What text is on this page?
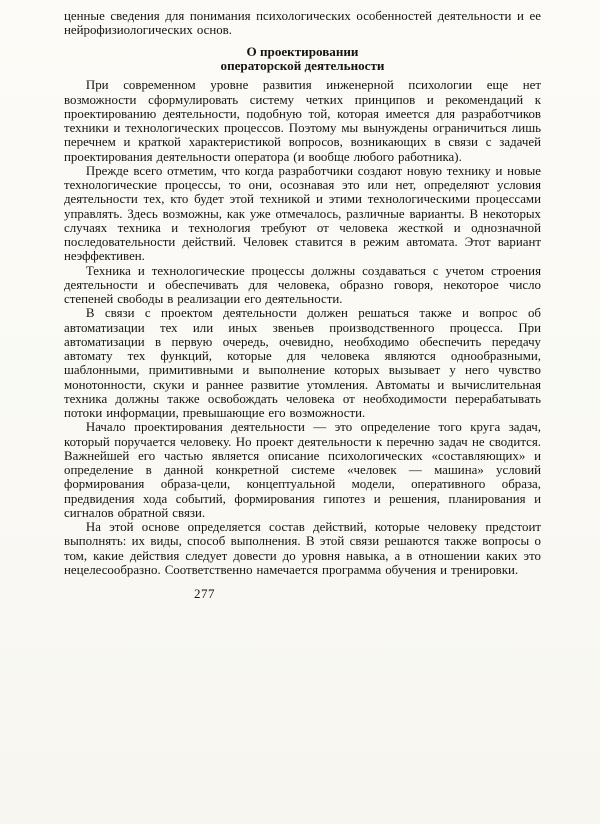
ценные сведения для понимания психологических особенностей деятельности и ее нейрофизиологических основ.

О проектировании
операторской деятельности

При современном уровне развития инженерной психологии еще нет возможности сформулировать систему четких принципов и рекомендаций к проектированию деятельности, подобную той, которая имеется для разработчиков техники и технологических процессов. Поэтому мы вынуждены ограничиться лишь перечнем и краткой характеристикой вопросов, возникающих в связи с задачей проектирования деятельности оператора (и вообще любого работника).

Прежде всего отметим, что когда разработчики создают новую технику и новые технологические процессы, то они, осознавая это или нет, определяют условия деятельности тех, кто будет этой техникой и этими технологическими процессами управлять. Здесь возможны, как уже отмечалось, различные варианты. В некоторых случаях техника и технология требуют от человека жесткой и однозначной последовательности действий. Человек ставится в режим автомата. Этот вариант неэффективен.

Техника и технологические процессы должны создаваться с учетом строения деятельности и обеспечивать для человека, образно говоря, некоторое число степеней свободы в реализации его деятельности.

В связи с проектом деятельности должен решаться также и вопрос об автоматизации тех или иных звеньев производственного процесса. При автоматизации в первую очередь, очевидно, необходимо обеспечить передачу автомату тех функций, которые для человека являются однообразными, шаблонными, примитивными и выполнение которых вызывает у него чувство монотонности, скуки и раннее развитие утомления. Автоматы и вычислительная техника должны также освобождать человека от необходимости перерабатывать потоки информации, превышающие его возможности.

Начало проектирования деятельности — это определение того круга задач, который поручается человеку. Но проект деятельности к перечню задач не сводится. Важнейшей его частью является описание психологических «составляющих» и определение в данной конкретной системе «человек — машина» условий формирования образа-цели, концептуальной модели, оперативного образа, предвидения хода событий, формирования гипотез и решения, планирования и сигналов обратной связи.

На этой основе определяется состав действий, которые человеку предстоит выполнять: их виды, способ выполнения. В этой связи решаются также вопросы о том, какие действия следует довести до уровня навыка, а в отношении каких это нецелесообразно. Соответственно намечается программа обучения и тренировки.

277
